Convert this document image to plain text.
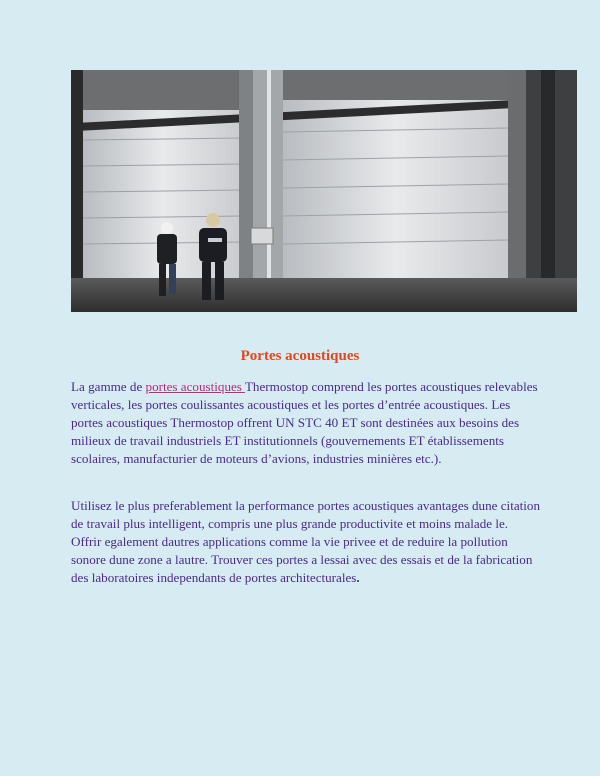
Portes acoustiques

La gamme de portes acoustiques Thermostop comprend les portes acoustiques relevables verticales, les portes coulissantes acoustiques et les portes d’entrée acoustiques. Les portes acoustiques Thermostop offrent UN STC 40 ET sont destinées aux besoins des milieux de travail industriels ET institutionnels (gouvernements ET établissements scolaires, manufacturier de moteurs d’avions, industries minières etc.).

Utilisez le plus preferablement la performance portes acoustiques avantages dune citation de travail plus intelligent, compris une plus grande productivite et moins malade le. Offrir egalement dautres applications comme la vie privee et de reduire la pollution sonore dune zone a lautre. Trouver ces portes a lessai avec des essais et de la fabrication des laboratoires independants de portes architecturales.
